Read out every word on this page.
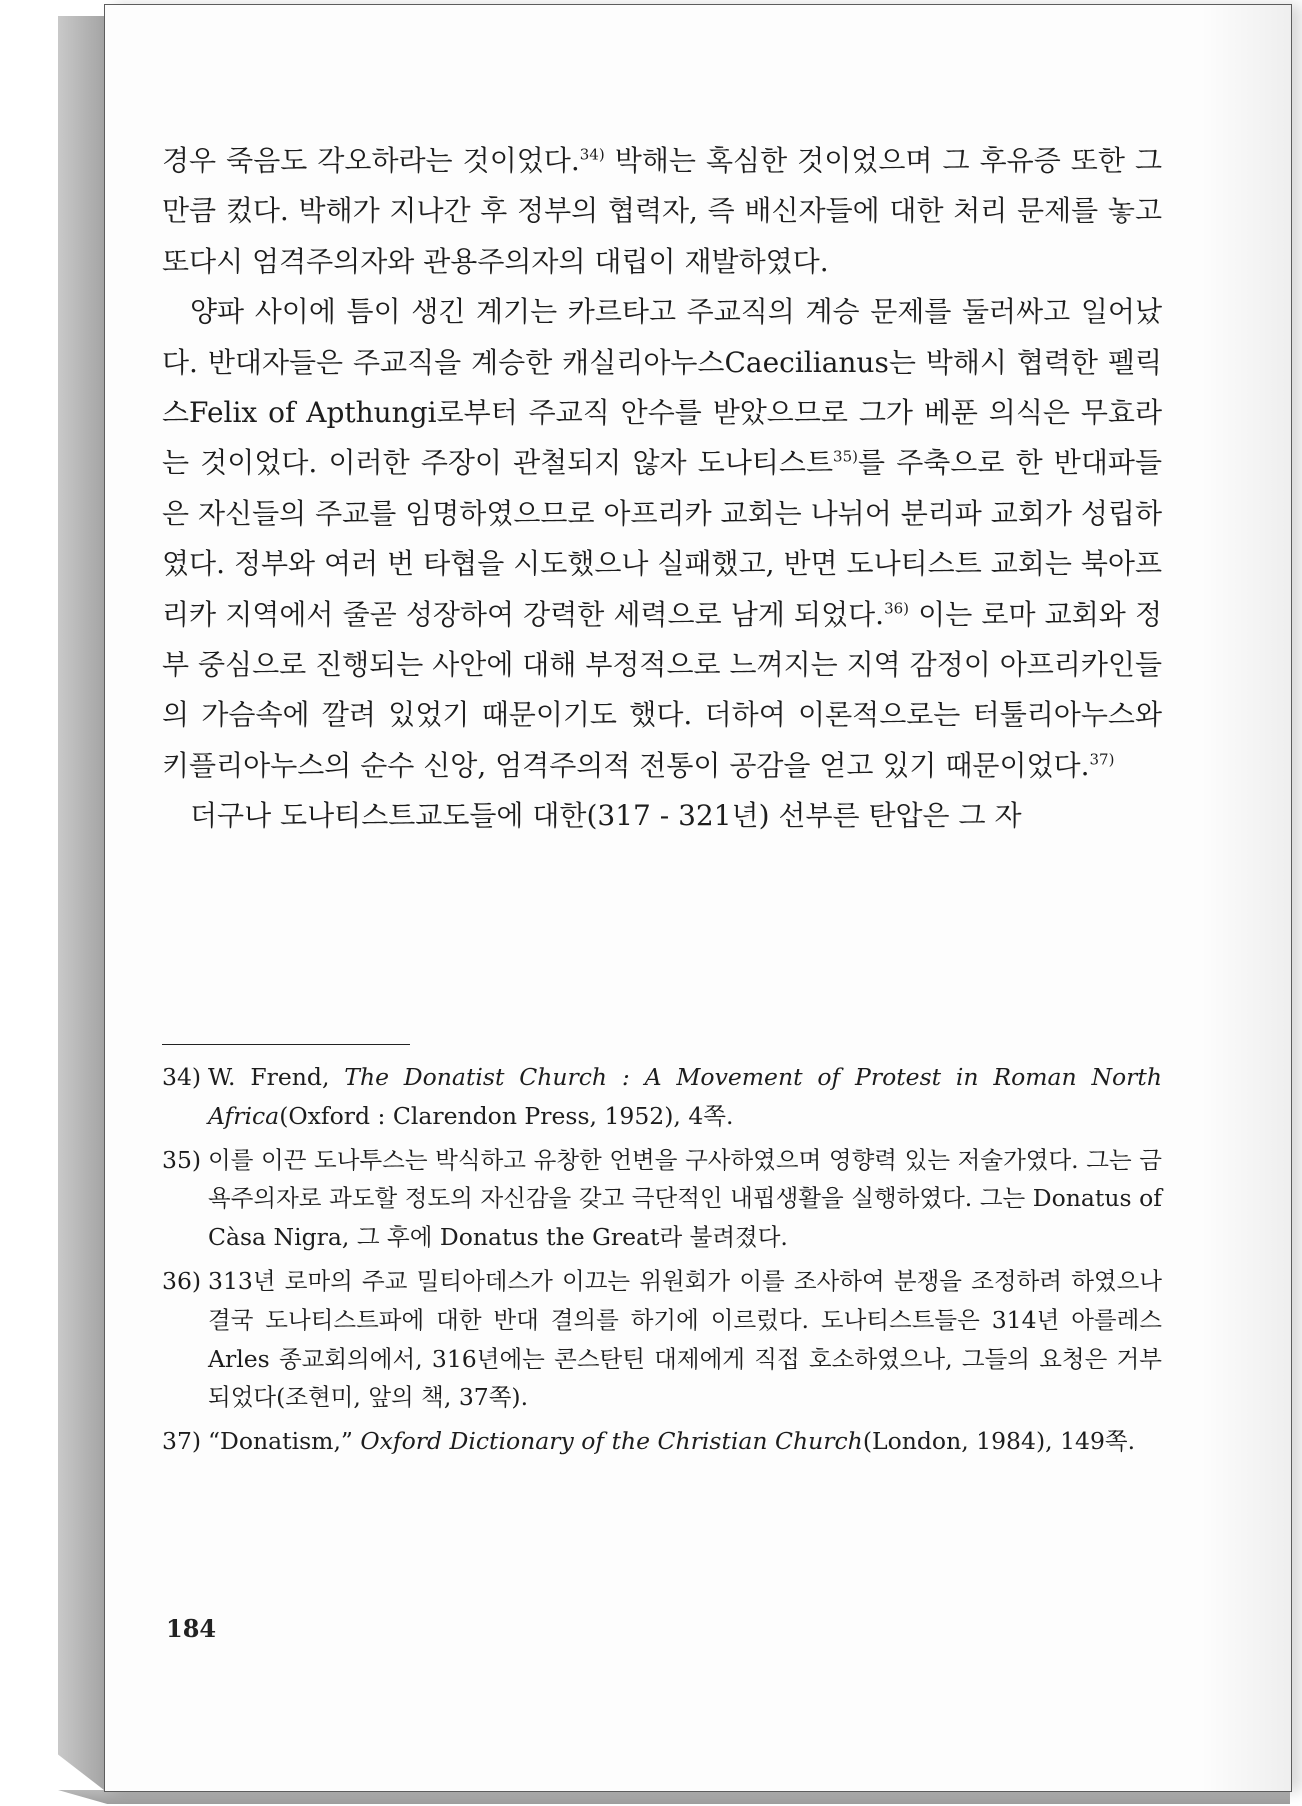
경우 죽음도 각오하라는 것이었다.$^{34)}$ 박해는 혹심한 것이었으며 그 후유증 또한 그만큼 컸다. 박해가 지나간 후 정부의 협력자, 즉 배신자들에 대한 처리 문제를 놓고 또다시 엄격주의자와 관용주의자의 대립이 재발하였다.

양파 사이에 틈이 생긴 계기는 카르타고 주교직의 계승 문제를 둘러싸고 일어났다. 반대자들은 주교직을 계승한 캐실리아누스Caecilianus는 박해시 협력한 펠릭스Felix of Apthungi로부터 주교직 안수를 받았으므로 그가 베푼 의식은 무효라는 것이었다. 이러한 주장이 관철되지 않자 도나티스트$^{35)}$를 주축으로 한 반대파들은 자신들의 주교를 임명하였으므로 아프리카 교회는 나뉘어 분리파 교회가 성립하였다. 정부와 여러 번 타협을 시도했으나 실패했고, 반면 도나티스트 교회는 북아프리카 지역에서 줄곧 성장하여 강력한 세력으로 남게 되었다.$^{36)}$ 이는 로마 교회와 정부 중심으로 진행되는 사안에 대해 부정적으로 느껴지는 지역 감정이 아프리카인들의 가슴속에 깔려 있었기 때문이기도 했다. 더하여 이론적으로는 터툴리아누스와 키플리아누스의 순수 신앙, 엄격주의적 전통이 공감을 얻고 있기 때문이었다.$^{37)}$

더구나 도나티스트교도들에 대한(317 - 321년) 선부른 탄압은 그 자

34) W. Frend, The Donatist Church : A Movement of Protest in Roman North Africa(Oxford : Clarendon Press, 1952), 4쪽.
35) 이를 이끈 도나투스는 박식하고 유창한 언변을 구사하였으며 영향력 있는 저술가였다. 그는 금욕주의자로 과도할 정도의 자신감을 갖고 극단적인 내핍생활을 실행하였다. 그는 Donatus of Càsa Nigra, 그 후에 Donatus the Great라 불려졌다.
36) 313년 로마의 주교 밀티아데스가 이끄는 위원회가 이를 조사하여 분쟁을 조정하려 하였으나 결국 도나티스트파에 대한 반대 결의를 하기에 이르렀다. 도나티스트들은 314년 아를레스Arles 종교회의에서, 316년에는 콘스탄틴 대제에게 직접 호소하였으나, 그들의 요청은 거부되었다(조현미, 앞의 책, 37쪽).
37) “Donatism,” Oxford Dictionary of the Christian Church(London, 1984), 149쪽.
184
